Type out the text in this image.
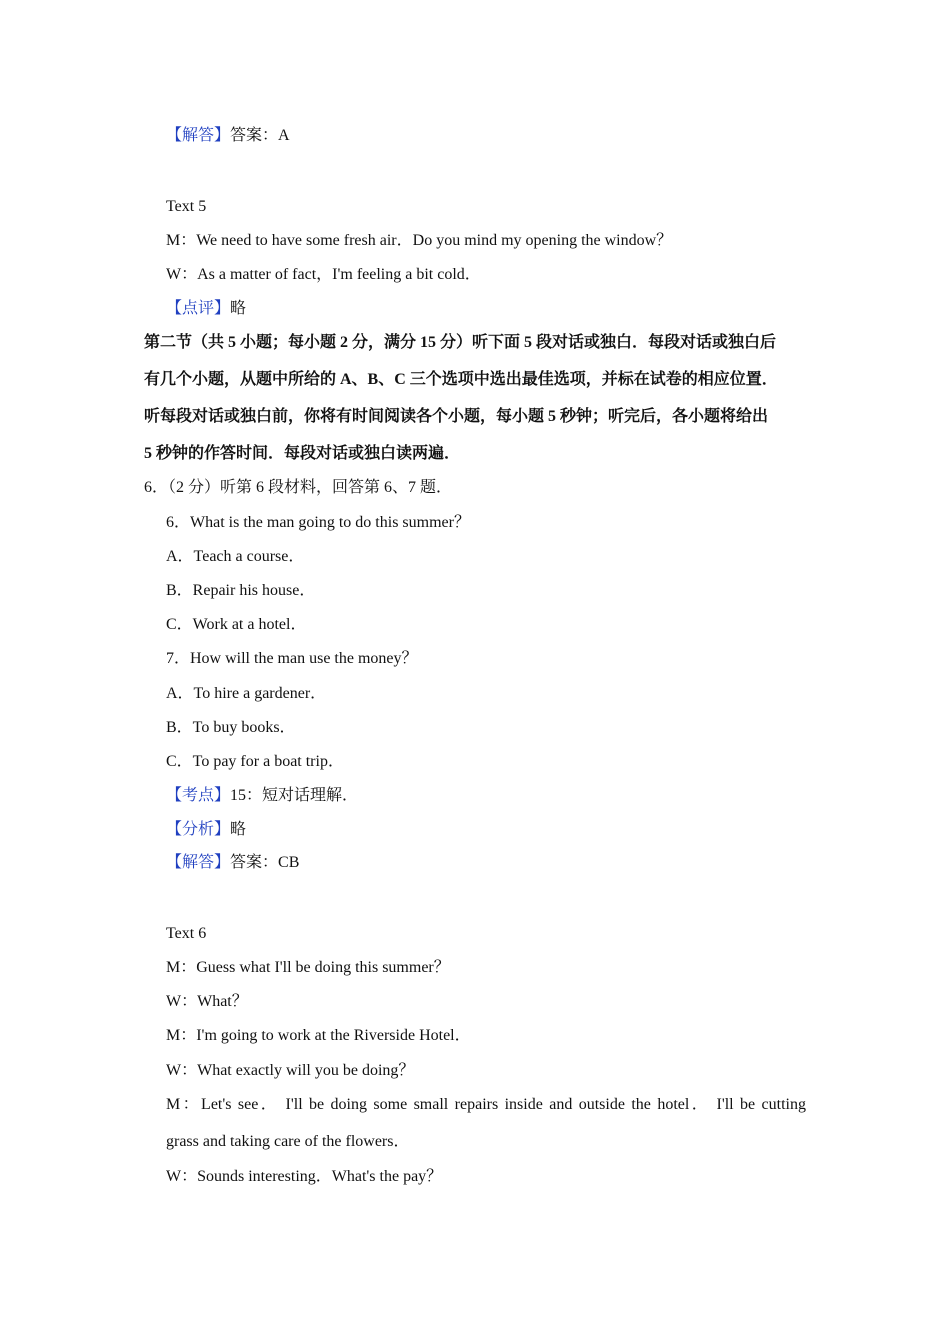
【解答】答案：A
Text 5
M：We need to have some fresh air．Do you mind my opening the window？
W：As a matter of fact，I'm feeling a bit cold．
【点评】略
第二节（共 5 小题；每小题 2 分，满分 15 分）听下面 5 段对话或独白．每段对话或独白后
有几个小题，从题中所给的 A、B、C 三个选项中选出最佳选项，并标在试卷的相应位置．
听每段对话或独白前，你将有时间阅读各个小题，每小题 5 秒钟；听完后，各小题将给出
5 秒钟的作答时间．每段对话或独白读两遍．
6．（2 分）听第 6 段材料，回答第 6、7 题．
6．What is the man going to do this summer？
A．Teach a course．
B．Repair his house．
C．Work at a hotel．
7．How will the man use the money？
A．To hire a gardener．
B．To buy books．
C．To pay for a boat trip．
【考点】15：短对话理解．
【分析】略
【解答】答案：CB
Text 6
M：Guess what I'll be doing this summer？
W：What？
M：I'm going to work at the Riverside Hotel．
W：What exactly will you be doing？
M：Let's see． I'll be doing some small repairs inside and outside the hotel． I'll be cutting
grass and taking care of the flowers．
W：Sounds interesting．What's the pay？
